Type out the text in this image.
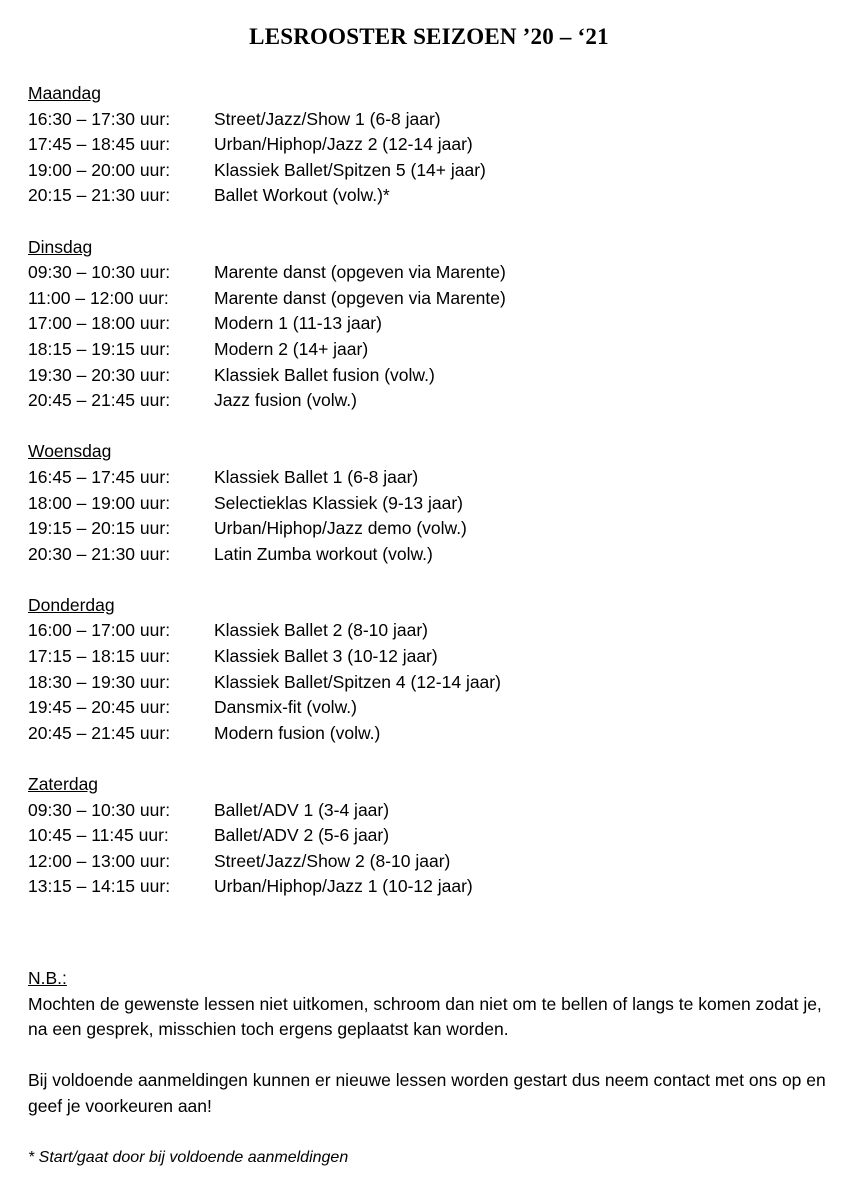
LESROOSTER SEIZOEN ’20 – ‘21
Maandag
16:30 – 17:30 uur:	Street/Jazz/Show 1 (6-8 jaar)
17:45 – 18:45 uur:	Urban/Hiphop/Jazz 2 (12-14 jaar)
19:00 – 20:00 uur:	Klassiek Ballet/Spitzen 5 (14+ jaar)
20:15 – 21:30 uur:	Ballet Workout (volw.)*
Dinsdag
09:30 – 10:30 uur:	Marente danst (opgeven via Marente)
11:00 – 12:00 uur:	Marente danst (opgeven via Marente)
17:00 – 18:00 uur:	Modern 1 (11-13 jaar)
18:15 – 19:15 uur:	Modern 2 (14+ jaar)
19:30 – 20:30 uur:	Klassiek Ballet fusion (volw.)
20:45 – 21:45 uur:	Jazz fusion (volw.)
Woensdag
16:45 – 17:45 uur:	Klassiek Ballet 1 (6-8 jaar)
18:00 – 19:00 uur:	Selectieklas Klassiek (9-13 jaar)
19:15 – 20:15 uur:	Urban/Hiphop/Jazz demo (volw.)
20:30 – 21:30 uur:	Latin Zumba workout (volw.)
Donderdag
16:00 – 17:00 uur:	Klassiek Ballet 2 (8-10 jaar)
17:15 – 18:15 uur:	Klassiek Ballet 3 (10-12 jaar)
18:30 – 19:30 uur:	Klassiek Ballet/Spitzen 4 (12-14 jaar)
19:45 – 20:45 uur:	Dansmix-fit (volw.)
20:45 – 21:45 uur:	Modern fusion (volw.)
Zaterdag
09:30 – 10:30 uur:	Ballet/ADV 1 (3-4 jaar)
10:45 – 11:45 uur:	Ballet/ADV 2 (5-6 jaar)
12:00 – 13:00 uur:	Street/Jazz/Show 2 (8-10 jaar)
13:15 – 14:15 uur:	Urban/Hiphop/Jazz 1 (10-12 jaar)
N.B.:
Mochten de gewenste lessen niet uitkomen, schroom dan niet om te bellen of langs te komen zodat je, na een gesprek, misschien toch ergens geplaatst kan worden.
Bij voldoende aanmeldingen kunnen er nieuwe lessen worden gestart dus neem contact met ons op en geef je voorkeuren aan!
* Start/gaat door bij voldoende aanmeldingen
